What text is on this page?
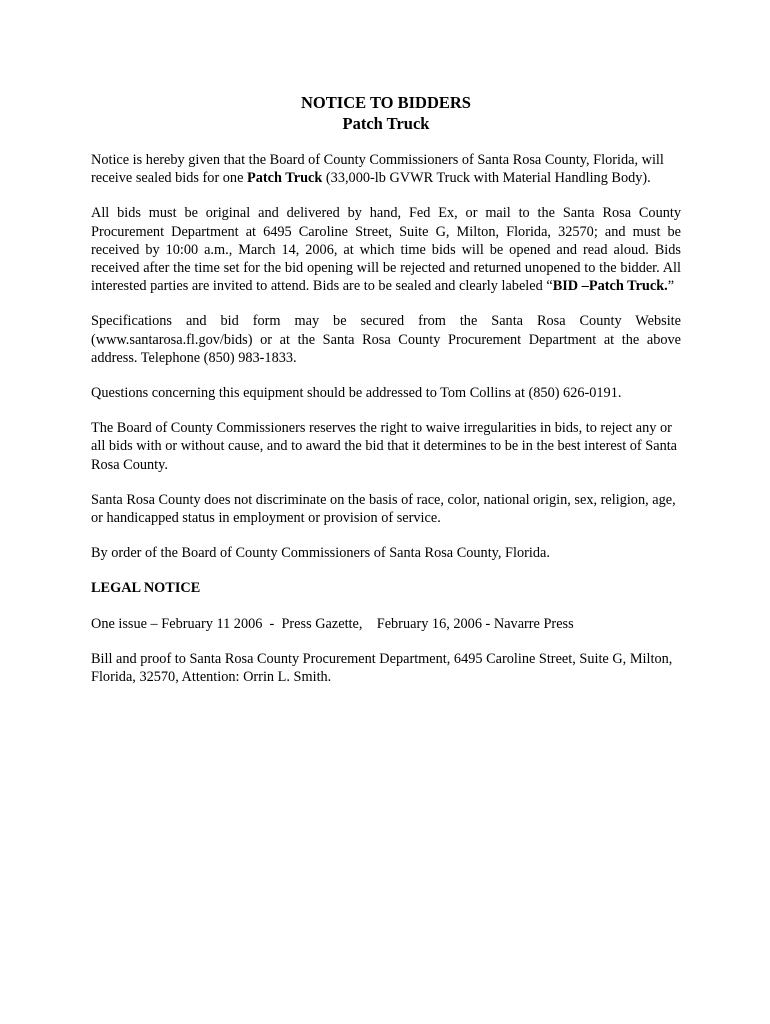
NOTICE TO BIDDERS

Patch Truck

Notice is hereby given that the Board of County Commissioners of Santa Rosa County, Florida, will receive sealed bids for one Patch Truck (33,000-lb GVWR Truck with Material Handling Body).

All bids must be original and delivered by hand, Fed Ex, or mail to the Santa Rosa County Procurement Department at 6495 Caroline Street, Suite G, Milton, Florida, 32570; and must be received by 10:00 a.m., March 14, 2006, at which time bids will be opened and read aloud. Bids received after the time set for the bid opening will be rejected and returned unopened to the bidder. All interested parties are invited to attend. Bids are to be sealed and clearly labeled “BID –Patch Truck.”

Specifications and bid form may be secured from the Santa Rosa County Website (www.santarosa.fl.gov/bids) or at the Santa Rosa County Procurement Department at the above address. Telephone (850) 983-1833.

Questions concerning this equipment should be addressed to Tom Collins at (850) 626-0191.

The Board of County Commissioners reserves the right to waive irregularities in bids, to reject any or all bids with or without cause, and to award the bid that it determines to be in the best interest of Santa Rosa County.

Santa Rosa County does not discriminate on the basis of race, color, national origin, sex, religion, age, or handicapped status in employment or provision of service.

By order of the Board of County Commissioners of Santa Rosa County, Florida.

LEGAL NOTICE

One issue – February 11 2006  -  Press Gazette,    February 16, 2006 - Navarre Press

Bill and proof to Santa Rosa County Procurement Department, 6495 Caroline Street, Suite G, Milton, Florida, 32570, Attention: Orrin L. Smith.
